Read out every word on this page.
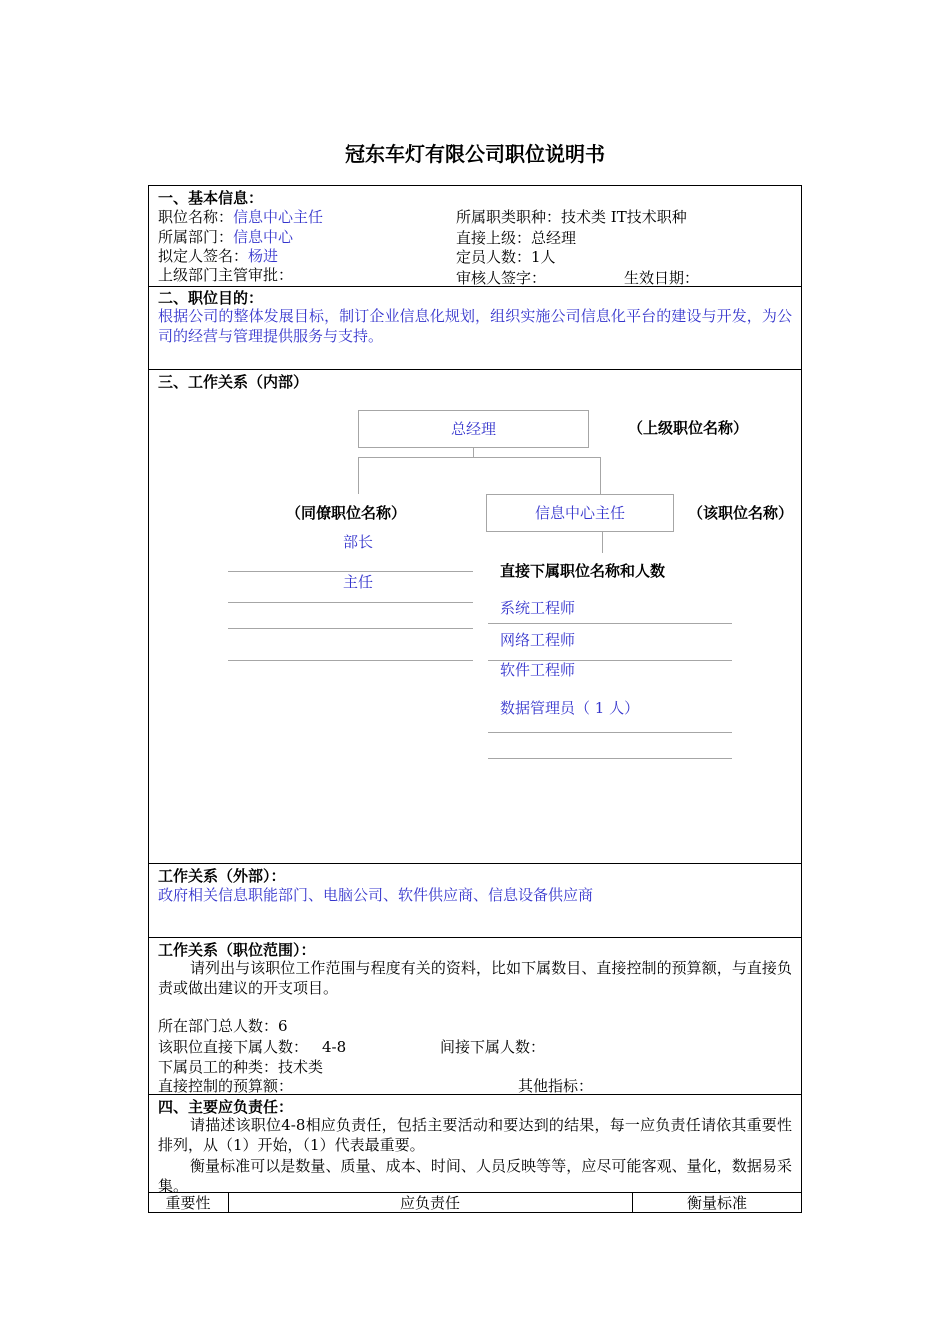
冠东车灯有限公司职位说明书
一、基本信息：
职位名称：信息中心主任
所属部门：信息中心
拟定人签名：杨进
上级部门主管审批：
所属职类职种：技术类 IT技术职种
直接上级：总经理
定员人数：1人
审核人签字：	生效日期：
二、职位目的：
根据公司的整体发展目标，制订企业信息化规划，组织实施公司信息化平台的建设与开发，为公司的经营与管理提供服务与支持。
三、工作关系（内部）
总经理	（上级职位名称）
信息中心主任	（该职位名称）
（同僚职位名称）
部长
主任
直接下属职位名称和人数
系统工程师
网络工程师
软件工程师
数据管理员（ 1 人）
工作关系（外部）：
政府相关信息职能部门、电脑公司、软件供应商、信息设备供应商
工作关系（职位范围）：
请列出与该职位工作范围与程度有关的资料，比如下属数目、直接控制的预算额，与直接负责或做出建议的开支项目。
所在部门总人数：6
该职位直接下属人数： 4-8	间接下属人数：
下属员工的种类：技术类
直接控制的预算额：	其他指标：
四、主要应负责任：
请描述该职位4-8相应负责任，包括主要活动和要达到的结果，每一应负责任请依其重要性排列，从（1）开始，（1）代表最重要。
衡量标准可以是数量、质量、成本、时间、人员反映等等，应尽可能客观、量化，数据易采集。
重要性	应负责任	衡量标准
